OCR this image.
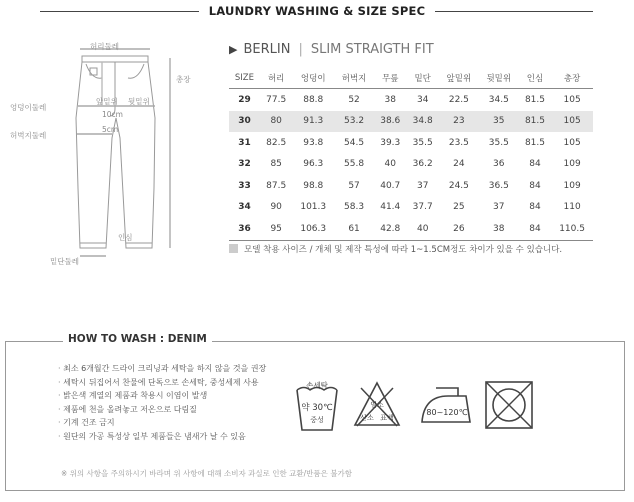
LAUNDRY WASHING & SIZE SPEC
허리둘레
총장
앞밑위 뒷밑위
엉덩이둘레
10cm
허벅지둘레
5cm
인심
밑단둘레
▶ BERLIN | SLIM STRAIGTH FIT
SIZE	허리	엉덩이	허벅지	무릎	밑단	앞밑위	뒷밑위	인심	총장
29	77.5	88.8	52	38	34	22.5	34.5	81.5	105
30	80	91.3	53.2	38.6	34.8	23	35	81.5	105
31	82.5	93.8	54.5	39.3	35.5	23.5	35.5	81.5	105
32	85	96.3	55.8	40	36.2	24	36	84	109
33	87.5	98.8	57	40.7	37	24.5	36.5	84	109
34	90	101.3	58.3	41.4	37.7	25	37	84	110
36	95	106.3	61	42.8	40	26	38	84	110.5
모델 착용 사이즈 / 개체 및 제작 특성에 따라 1~1.5CM정도 차이가 있을 수 있습니다.
HOW TO WASH : DENIM
· 최소 6개월간 드라이 크리닝과 세탁을 하지 않을 것을 권장
· 세탁시 뒤집어서 찬물에 단독으로 손세탁, 중성세제 사용
· 밝은색 계열의 제품과 착용시 이염이 발생
· 제품에 천을 올려놓고 저온으로 다림질
· 기계 건조 금지
· 원단의 가공 특성상 일부 제품들은 냄새가 날 수 있음
※ 위의 사항을 주의하시기 바라며 위 사항에 대해 소비자 과실로 인한 교환/반품은 불가함
손세탁
약 30℃
중성
염소
산소 표백
80~120℃
